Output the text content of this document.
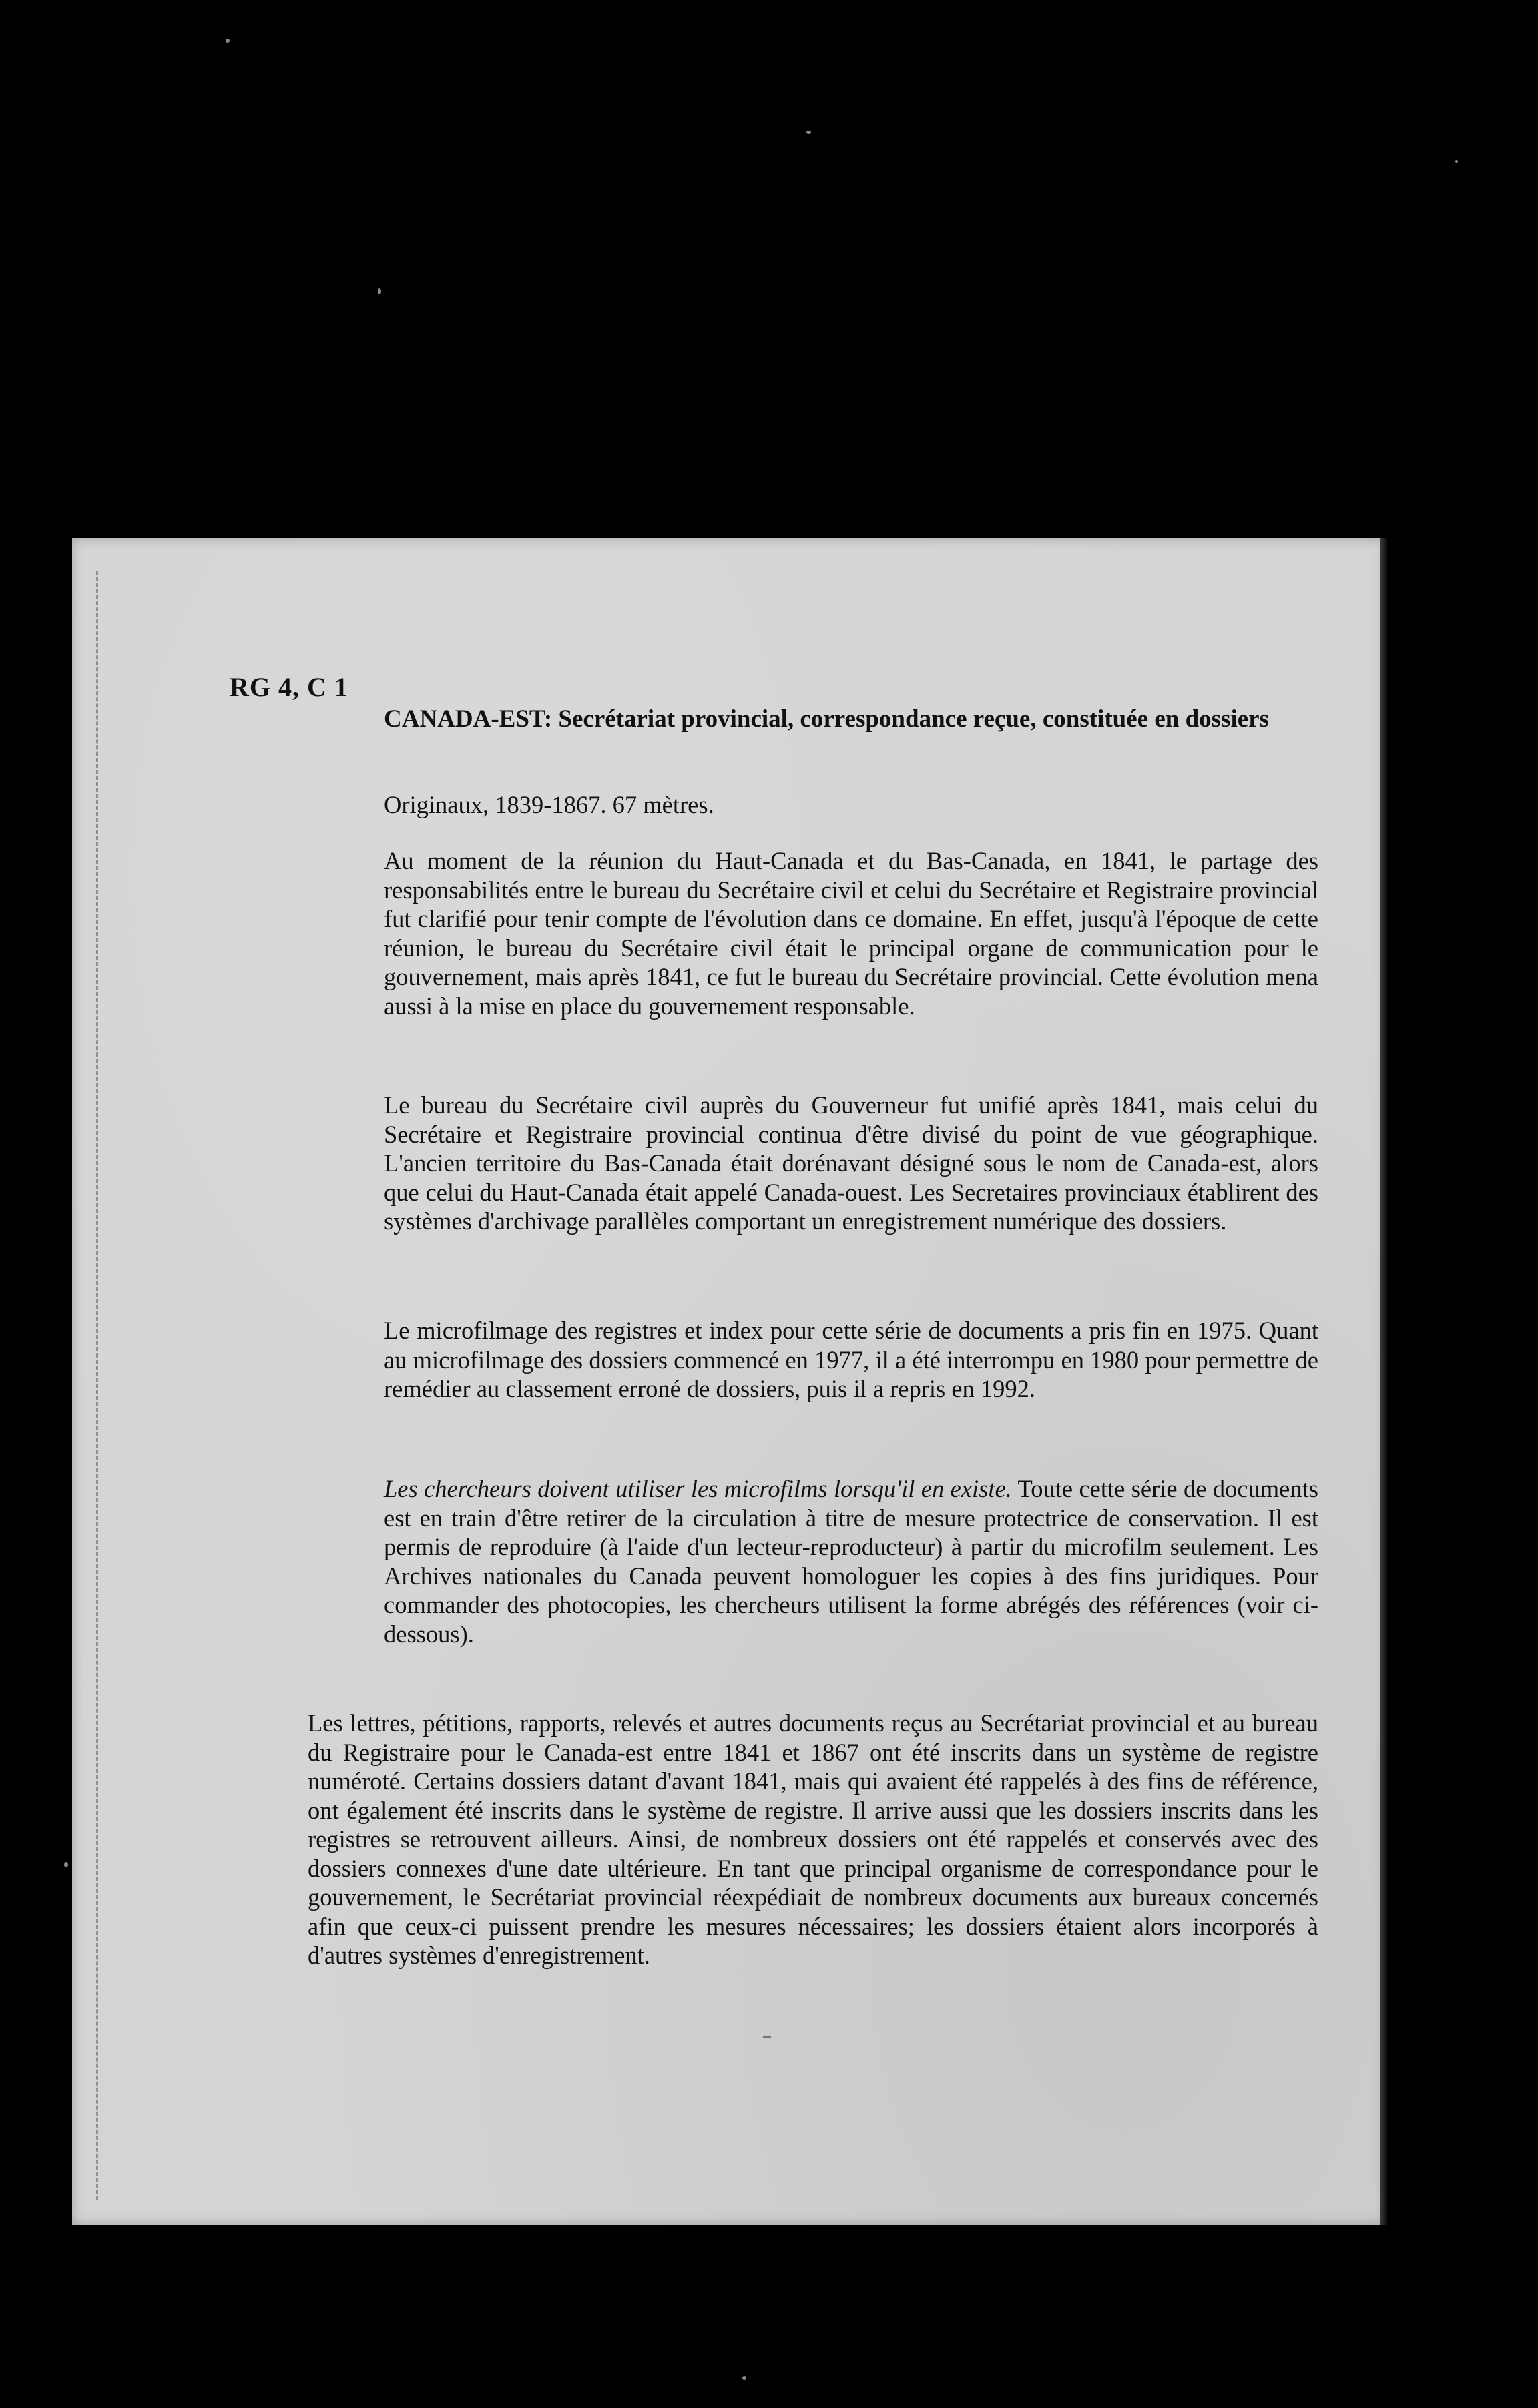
RG 4, C 1
CANADA-EST: Secrétariat provincial, correspondance reçue, constituée en dossiers
Originaux, 1839-1867. 67 mètres.

Au moment de la réunion du Haut-Canada et du Bas-Canada, en 1841, le partage des responsabilités entre le bureau du Secrétaire civil et celui du Secrétaire et Registraire provincial fut clarifié pour tenir compte de l'évolution dans ce domaine. En effet, jusqu'à l'époque de cette réunion, le bureau du Secrétaire civil était le principal organe de communication pour le gouvernement, mais après 1841, ce fut le bureau du Secrétaire provincial. Cette évolution mena aussi à la mise en place du gouvernement responsable.

Le bureau du Secrétaire civil auprès du Gouverneur fut unifié après 1841, mais celui du Secrétaire et Registraire provincial continua d'être divisé du point de vue géographique. L'ancien territoire du Bas-Canada était dorénavant désigné sous le nom de Canada-est, alors que celui du Haut-Canada était appelé Canada-ouest. Les Secretaires provinciaux établirent des systèmes d'archivage parallèles comportant un enregistrement numérique des dossiers.

Le microfilmage des registres et index pour cette série de documents a pris fin en 1975. Quant au microfilmage des dossiers commencé en 1977, il a été interrompu en 1980 pour permettre de remédier au classement erroné de dossiers, puis il a repris en 1992.

Les chercheurs doivent utiliser les microfilms lorsqu'il en existe. Toute cette série de documents est en train d'être retirer de la circulation à titre de mesure protectrice de conservation. Il est permis de reproduire (à l'aide d'un lecteur-reproducteur) à partir du microfilm seulement. Les Archives nationales du Canada peuvent homologuer les copies à des fins juridiques. Pour commander des photocopies, les chercheurs utilisent la forme abrégés des références (voir ci-dessous).

Les lettres, pétitions, rapports, relevés et autres documents reçus au Secrétariat provincial et au bureau du Registraire pour le Canada-est entre 1841 et 1867 ont été inscrits dans un système de registre numéroté. Certains dossiers datant d'avant 1841, mais qui avaient été rappelés à des fins de référence, ont également été inscrits dans le système de registre. Il arrive aussi que les dossiers inscrits dans les registres se retrouvent ailleurs. Ainsi, de nombreux dossiers ont été rappelés et conservés avec des dossiers connexes d'une date ultérieure. En tant que principal organisme de correspondance pour le gouvernement, le Secrétariat provincial réexpédiait de nombreux documents aux bureaux concernés afin que ceux-ci puissent prendre les mesures nécessaires; les dossiers étaient alors incorporés à d'autres systèmes d'enregistrement.
